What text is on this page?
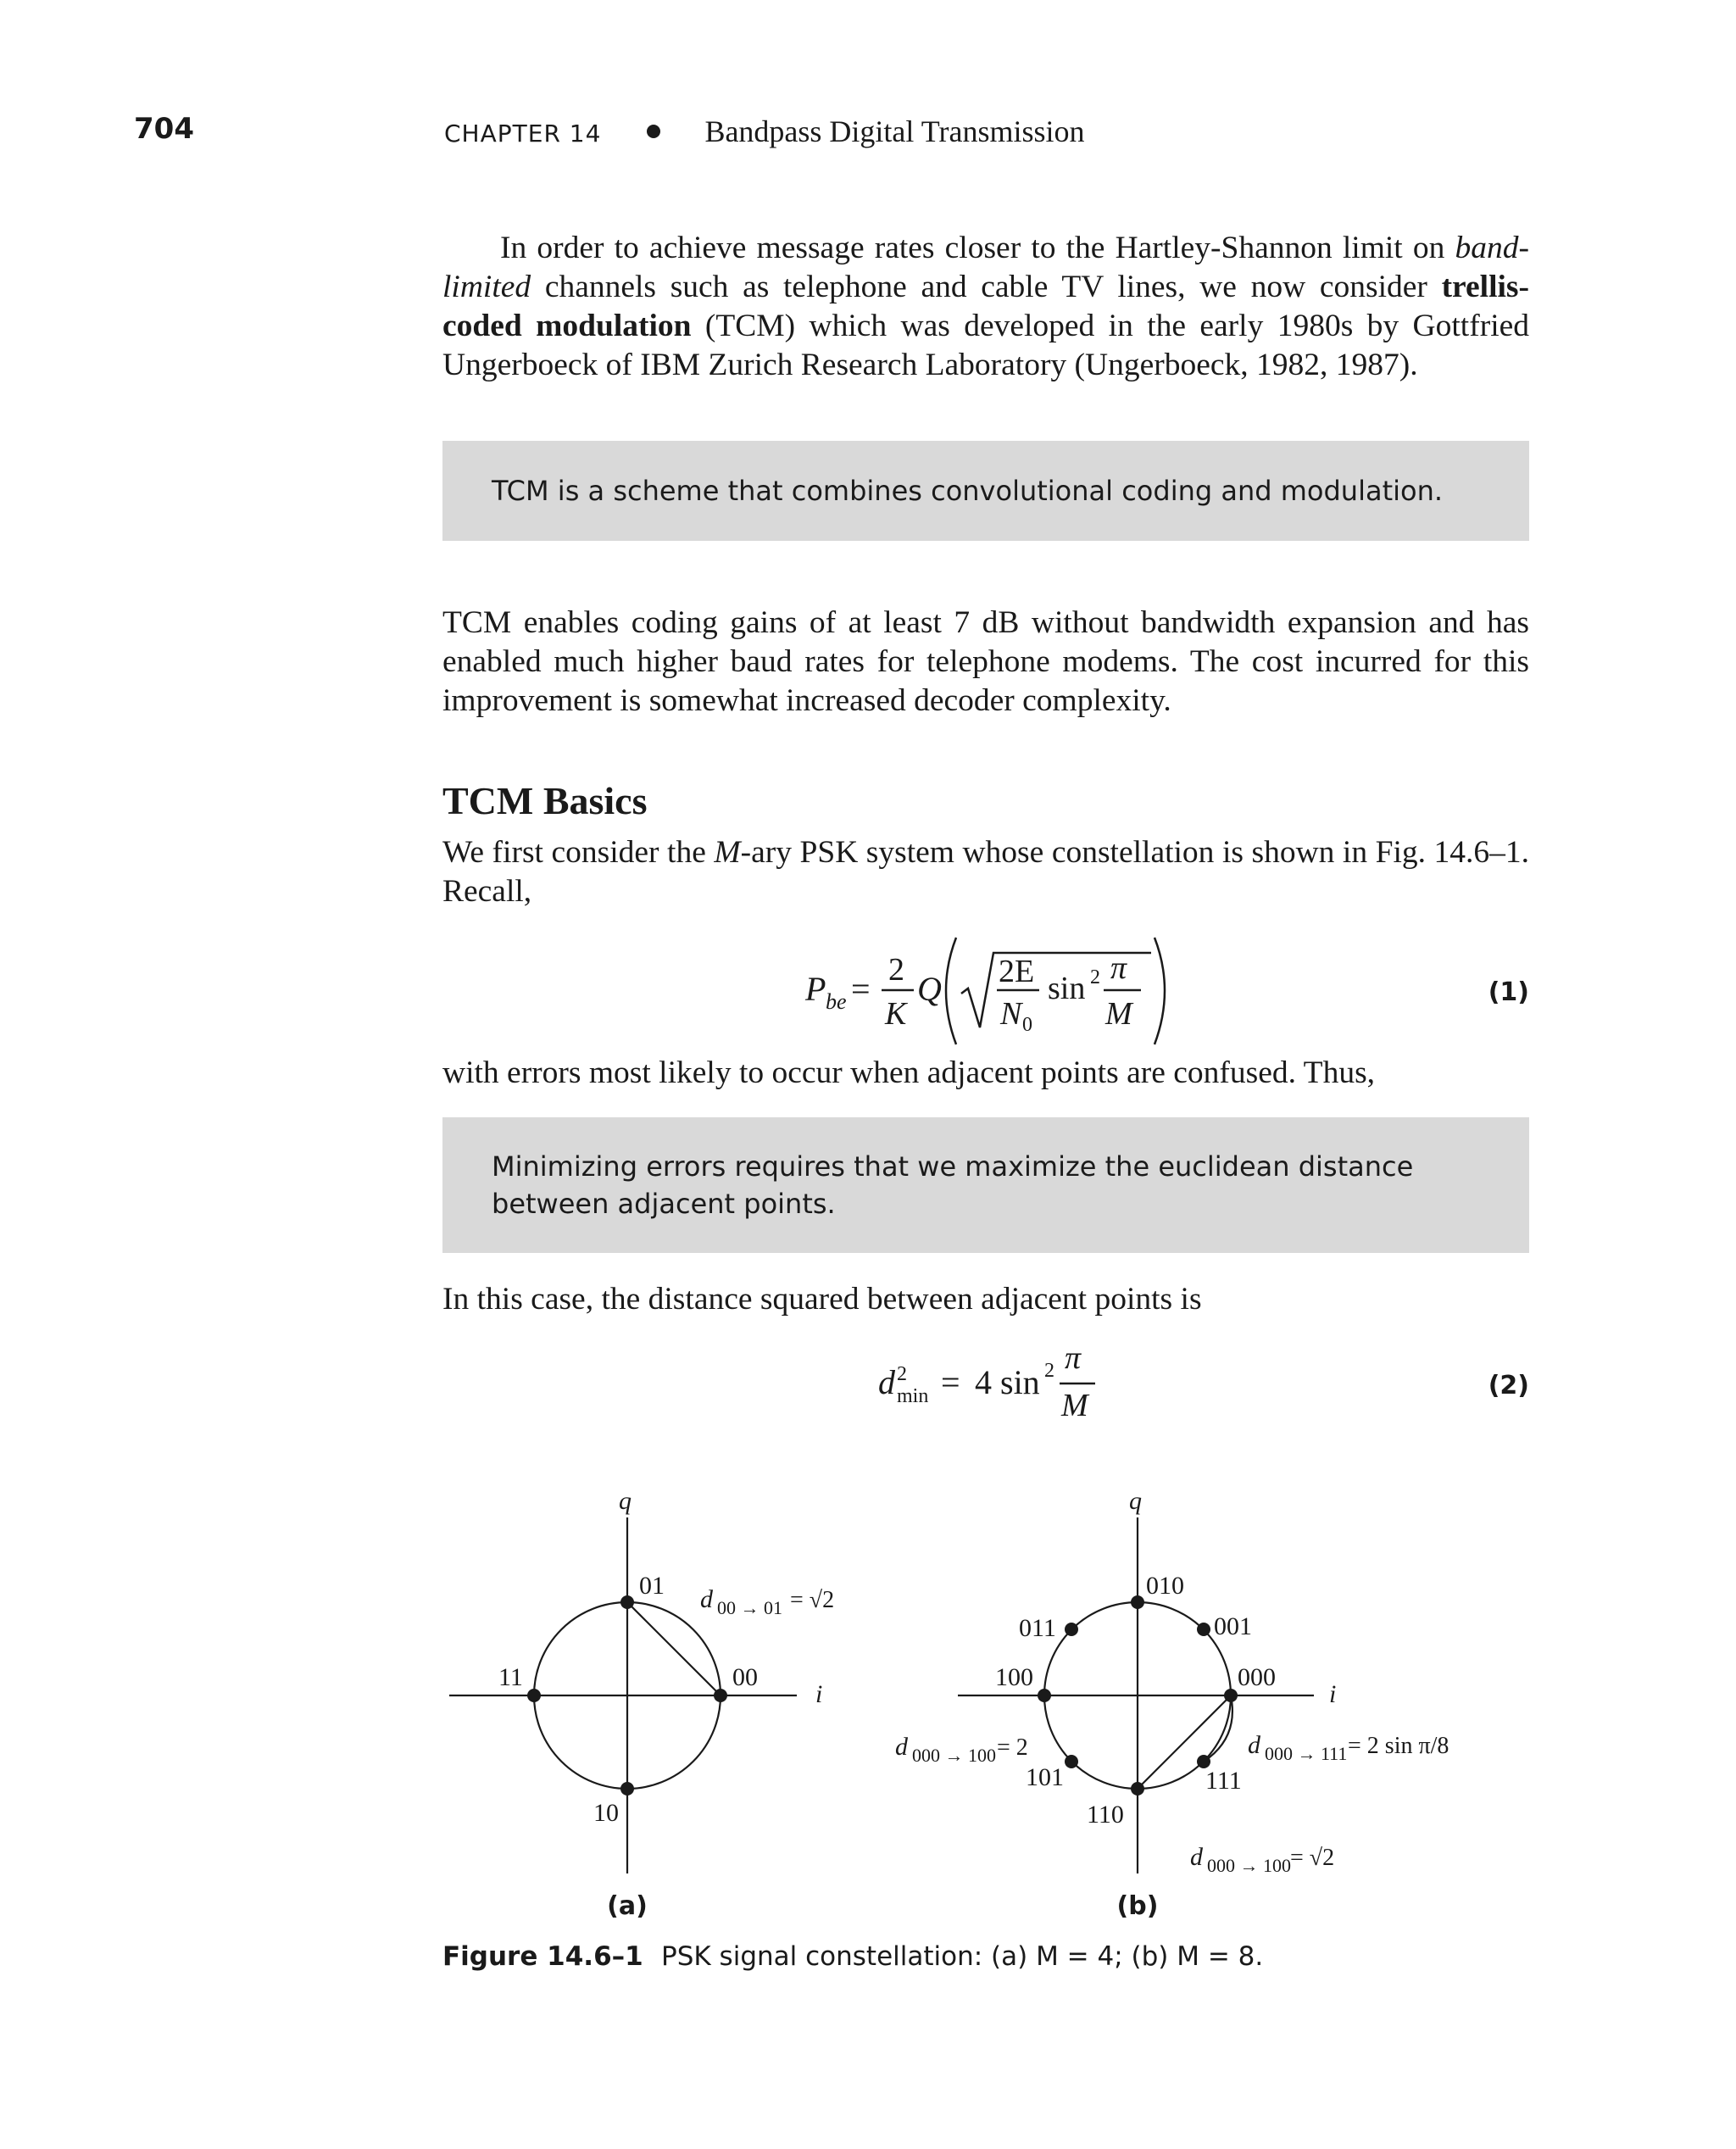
704	CHAPTER 14	Bandpass Digital Transmission
In order to achieve message rates closer to the Hartley-Shannon limit on band-limited channels such as telephone and cable TV lines, we now consider trellis-coded modulation (TCM) which was developed in the early 1980s by Gottfried Ungerboeck of IBM Zurich Research Laboratory (Ungerboeck, 1982, 1987).
TCM is a scheme that combines convolutional coding and modulation.
TCM enables coding gains of at least 7 dB without bandwidth expansion and has enabled much higher baud rates for telephone modems. The cost incurred for this improvement is somewhat increased decoder complexity.
TCM Basics
We first consider the M-ary PSK system whose constellation is shown in Fig. 14.6–1. Recall,
with errors most likely to occur when adjacent points are confused. Thus,
Minimizing errors requires that we maximize the euclidean distance between adjacent points.
In this case, the distance squared between adjacent points is
P be = 2
K
Q 2E
N 0
sin 2 π
M
(1)
d 2
min = 4 sin 2 π
M
(2)
q
i
01
00
11
10
d 00 → 01 = √2
(a)
q
i
010
011	001
100	000
101	111
110
d 000 → 100 = 2	d 000 → 111 = 2 sin π/8
d 000 → 100 = √2
(b)
Figure 14.6–1 PSK signal constellation: (a) M = 4; (b) M = 8.
